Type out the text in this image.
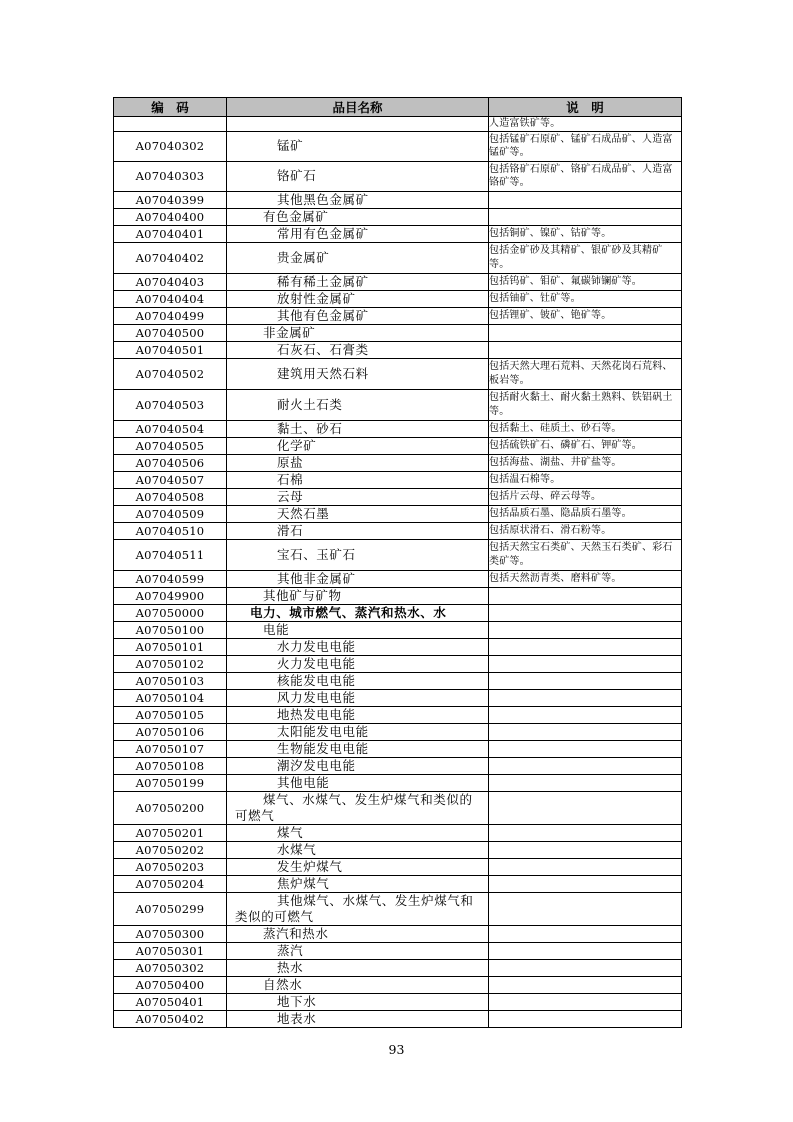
编　码	品目名称	说　明
		人造富铁矿等。
A07040302	锰矿	包括锰矿石原矿、锰矿石成品矿、人造富锰矿等。
A07040303	铬矿石	包括铬矿石原矿、铬矿石成品矿、人造富铬矿等。
A07040399	其他黑色金属矿	
A07040400	有色金属矿	
A07040401	常用有色金属矿	包括铜矿、镍矿、钴矿等。
A07040402	贵金属矿	包括金矿砂及其精矿、银矿砂及其精矿等。
A07040403	稀有稀土金属矿	包括钨矿、钼矿、氟碳铈镧矿等。
A07040404	放射性金属矿	包括铀矿、钍矿等。
A07040499	其他有色金属矿	包括锂矿、铍矿、铯矿等。
A07040500	非金属矿	
A07040501	石灰石、石膏类	
A07040502	建筑用天然石料	包括天然大理石荒料、天然花岗石荒料、板岩等。
A07040503	耐火土石类	包括耐火黏土、耐火黏土熟料、铁铝矾土等。
A07040504	黏土、砂石	包括黏土、硅质土、砂石等。
A07040505	化学矿	包括硫铁矿石、磷矿石、钾矿等。
A07040506	原盐	包括海盐、湖盐、井矿盐等。
A07040507	石棉	包括温石棉等。
A07040508	云母	包括片云母、碎云母等。
A07040509	天然石墨	包括晶质石墨、隐晶质石墨等。
A07040510	滑石	包括原状滑石、滑石粉等。
A07040511	宝石、玉矿石	包括天然宝石类矿、天然玉石类矿、彩石类矿等。
A07040599	其他非金属矿	包括天然沥青类、磨料矿等。
A07049900	其他矿与矿物	
A07050000	电力、城市燃气、蒸汽和热水、水	
A07050100	电能	
A07050101	水力发电电能	
A07050102	火力发电电能	
A07050103	核能发电电能	
A07050104	风力发电电能	
A07050105	地热发电电能	
A07050106	太阳能发电电能	
A07050107	生物能发电电能	
A07050108	潮汐发电电能	
A07050199	其他电能	
A07050200	煤气、水煤气、发生炉煤气和类似的可燃气	

A07050201	煤气	
A07050202	水煤气	
A07050203	发生炉煤气	
A07050204	焦炉煤气	
A07050299	其他煤气、水煤气、发生炉煤气和类似的可燃气	

A07050300	蒸汽和热水	
A07050301	蒸汽	
A07050302	热水	
A07050400	自然水	
A07050401	地下水	
A07050402	地表水	
93
